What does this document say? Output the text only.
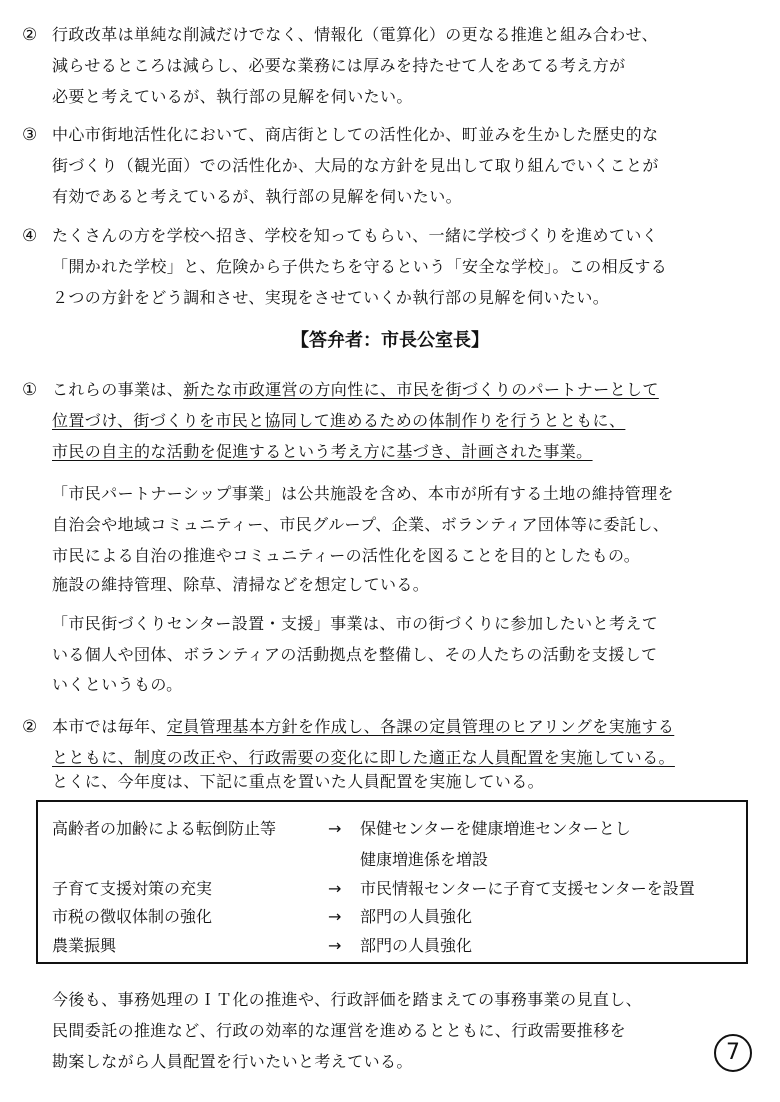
② 行政改革は単純な削減だけでなく、情報化（電算化）の更なる推進と組み合わせ、
減らせるところは減らし、必要な業務には厚みを持たせて人をあてる考え方が
必要と考えているが、執行部の見解を伺いたい。
③ 中心市街地活性化において、商店街としての活性化か、町並みを生かした歴史的な
街づくり（観光面）での活性化か、大局的な方針を見出して取り組んでいくことが
有効であると考えているが、執行部の見解を伺いたい。
④ たくさんの方を学校へ招き、学校を知ってもらい、一緒に学校づくりを進めていく
「開かれた学校」と、危険から子供たちを守るという「安全な学校」。この相反する
２つの方針をどう調和させ、実現をさせていくか執行部の見解を伺いたい。
【答弁者：市長公室長】
① これらの事業は、新たな市政運営の方向性に、市民を街づくりのパートナーとして
位置づけ、街づくりを市民と協同して進めるための体制作りを行うとともに、
市民の自主的な活動を促進するという考え方に基づき、計画された事業。
「市民パートナーシップ事業」は公共施設を含め、本市が所有する土地の維持管理を
自治会や地域コミュニティー、市民グループ、企業、ボランティア団体等に委託し、
市民による自治の推進やコミュニティーの活性化を図ることを目的としたもの。
施設の維持管理、除草、清掃などを想定している。
「市民街づくりセンター設置・支援」事業は、市の街づくりに参加したいと考えて
いる個人や団体、ボランティアの活動拠点を整備し、その人たちの活動を支援して
いくというもの。
② 本市では毎年、定員管理基本方針を作成し、各課の定員管理のヒアリングを実施する
とともに、制度の改正や、行政需要の変化に即した適正な人員配置を実施している。
とくに、今年度は、下記に重点を置いた人員配置を実施している。
高齢者の加齢による転倒防止等	→ 保健センターを健康増進センターとし
健康増進係を増設
子育て支援対策の充実	→ 市民情報センターに子育て支援センターを設置
市税の徴収体制の強化	→ 部門の人員強化
農業振興	→ 部門の人員強化
今後も、事務処理のＩＴ化の推進や、行政評価を踏まえての事務事業の見直し、
民間委託の推進など、行政の効率的な運営を進めるとともに、行政需要推移を
勘案しながら人員配置を行いたいと考えている。	7
